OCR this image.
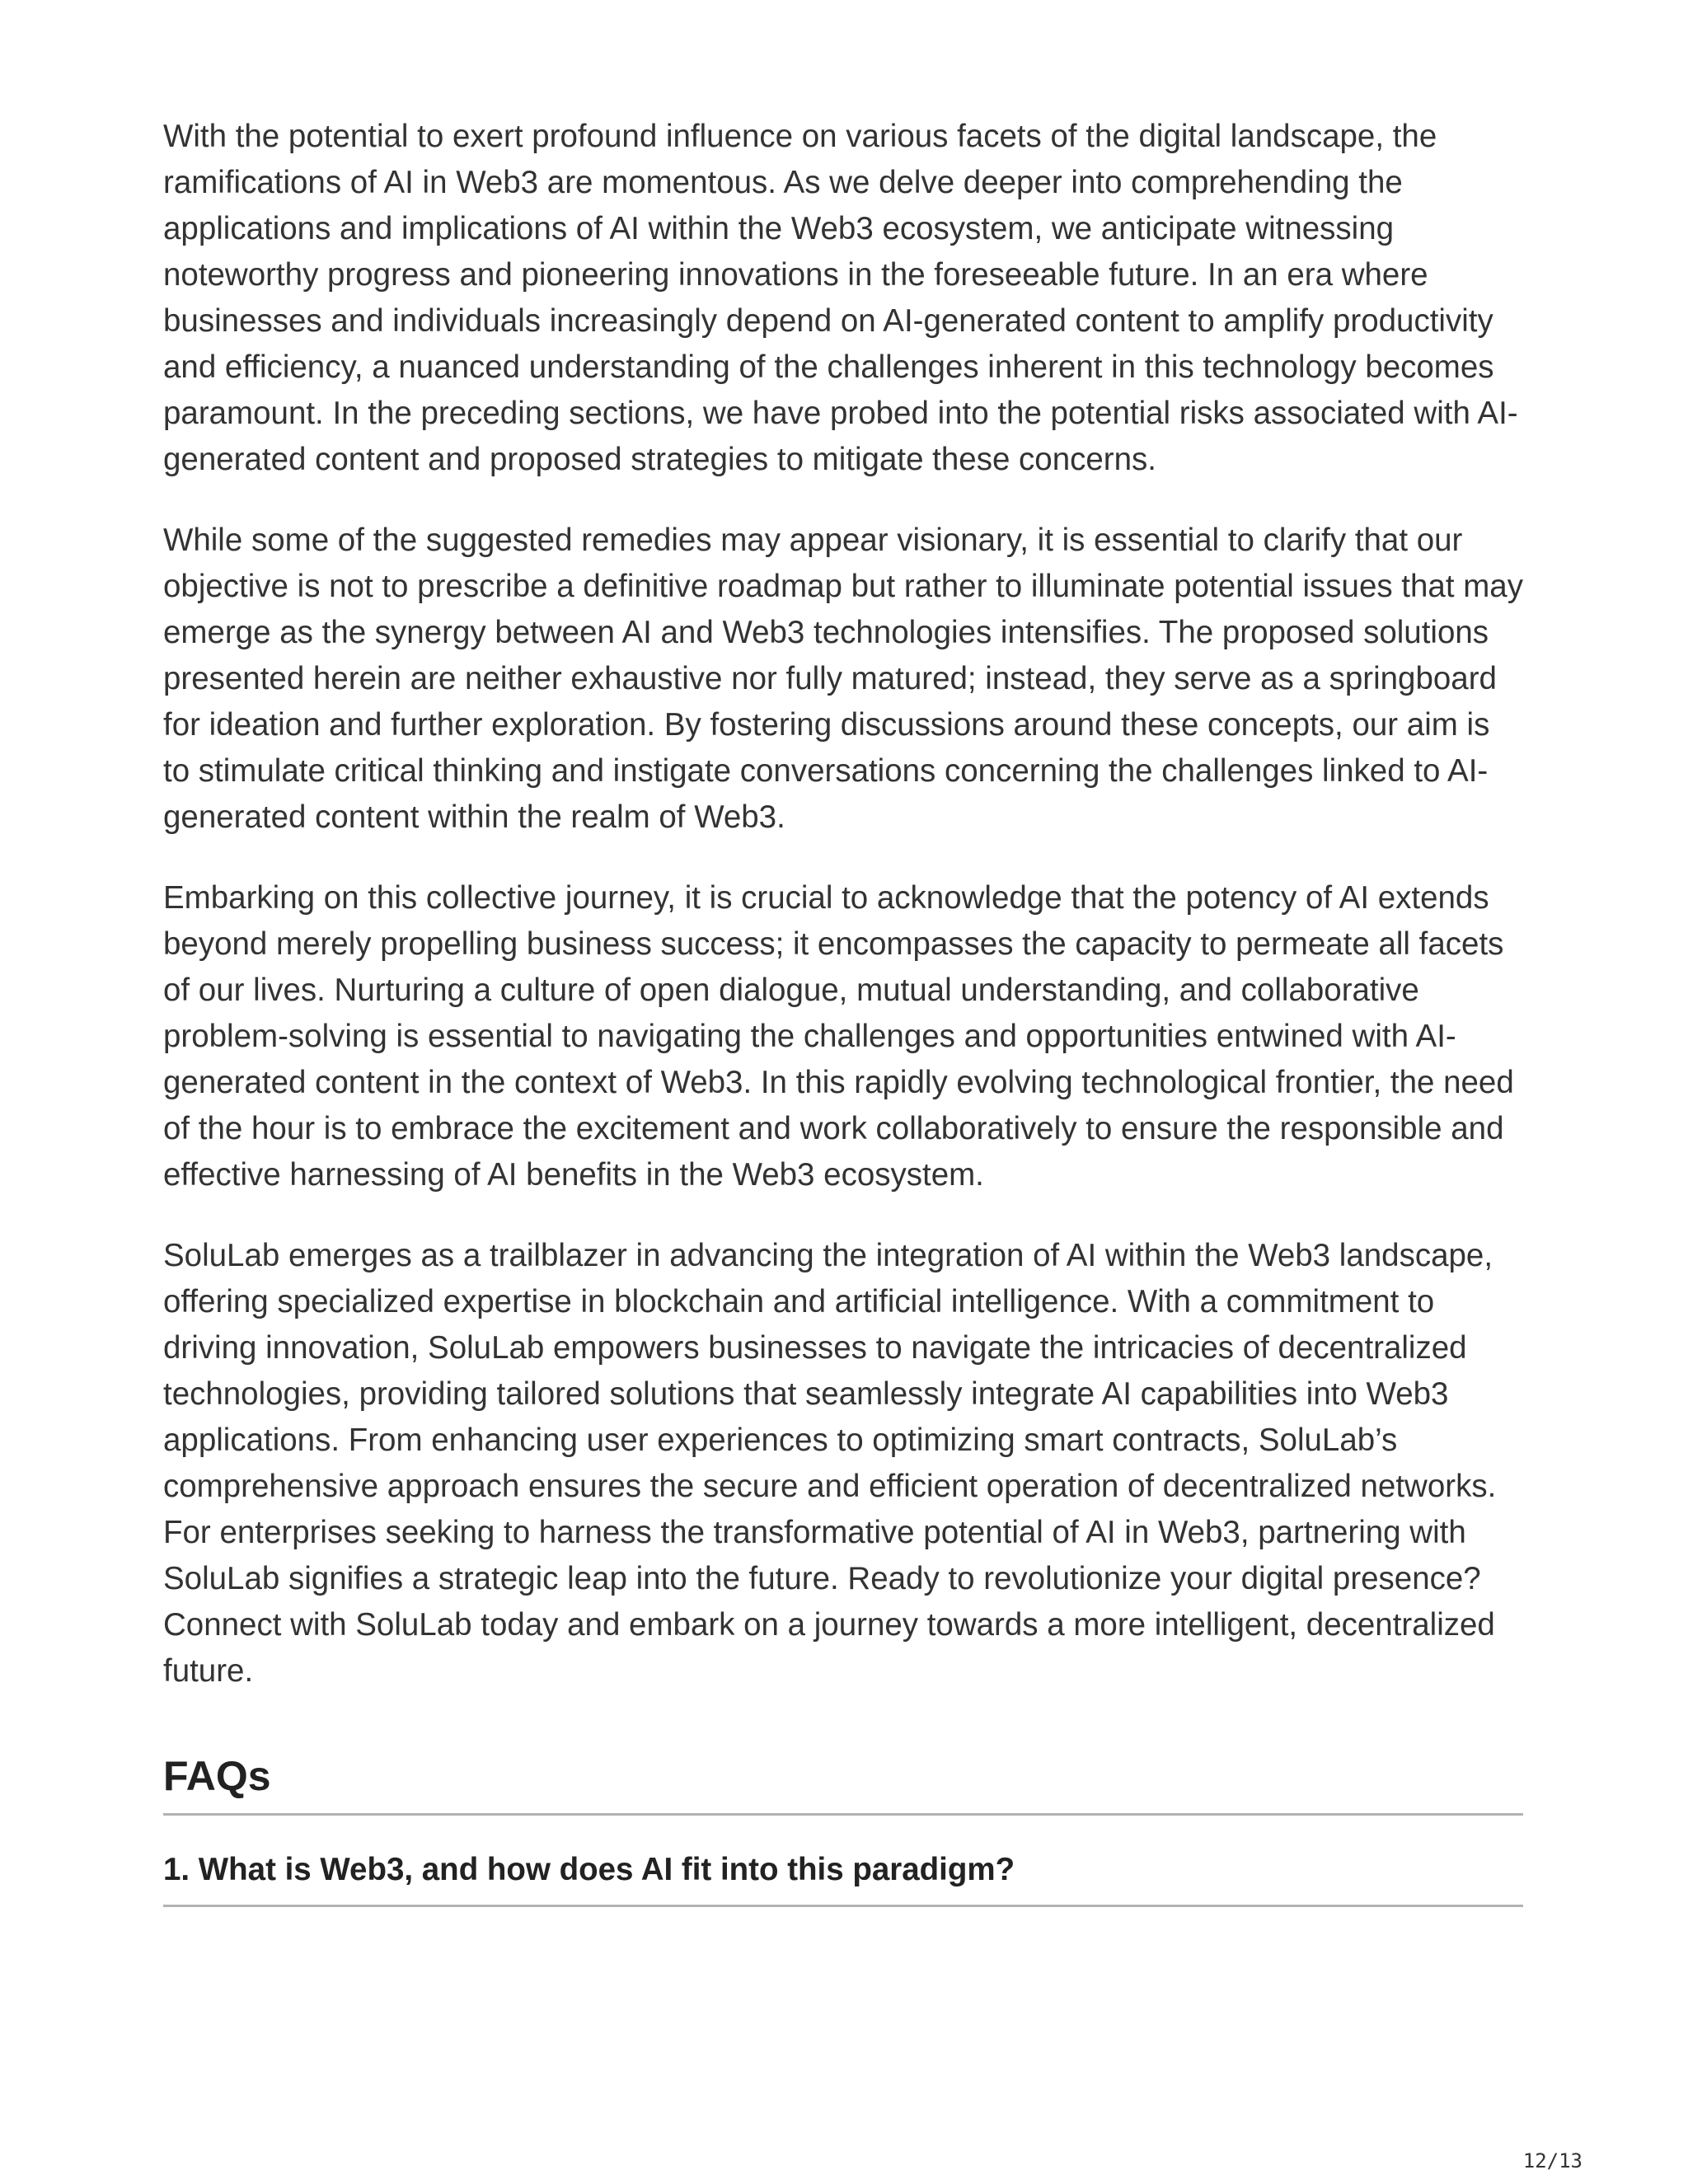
With the potential to exert profound influence on various facets of the digital landscape, the ramifications of AI in Web3 are momentous. As we delve deeper into comprehending the applications and implications of AI within the Web3 ecosystem, we anticipate witnessing noteworthy progress and pioneering innovations in the foreseeable future. In an era where businesses and individuals increasingly depend on AI-generated content to amplify productivity and efficiency, a nuanced understanding of the challenges inherent in this technology becomes paramount. In the preceding sections, we have probed into the potential risks associated with AI-generated content and proposed strategies to mitigate these concerns.

While some of the suggested remedies may appear visionary, it is essential to clarify that our objective is not to prescribe a definitive roadmap but rather to illuminate potential issues that may emerge as the synergy between AI and Web3 technologies intensifies. The proposed solutions presented herein are neither exhaustive nor fully matured; instead, they serve as a springboard for ideation and further exploration. By fostering discussions around these concepts, our aim is to stimulate critical thinking and instigate conversations concerning the challenges linked to AI-generated content within the realm of Web3.

Embarking on this collective journey, it is crucial to acknowledge that the potency of AI extends beyond merely propelling business success; it encompasses the capacity to permeate all facets of our lives. Nurturing a culture of open dialogue, mutual understanding, and collaborative problem-solving is essential to navigating the challenges and opportunities entwined with AI-generated content in the context of Web3. In this rapidly evolving technological frontier, the need of the hour is to embrace the excitement and work collaboratively to ensure the responsible and effective harnessing of AI benefits in the Web3 ecosystem.

SoluLab emerges as a trailblazer in advancing the integration of AI within the Web3 landscape, offering specialized expertise in blockchain and artificial intelligence. With a commitment to driving innovation, SoluLab empowers businesses to navigate the intricacies of decentralized technologies, providing tailored solutions that seamlessly integrate AI capabilities into Web3 applications. From enhancing user experiences to optimizing smart contracts, SoluLab’s comprehensive approach ensures the secure and efficient operation of decentralized networks. For enterprises seeking to harness the transformative potential of AI in Web3, partnering with SoluLab signifies a strategic leap into the future. Ready to revolutionize your digital presence? Connect with SoluLab today and embark on a journey towards a more intelligent, decentralized future.

FAQs
1. What is Web3, and how does AI fit into this paradigm?
12/13
